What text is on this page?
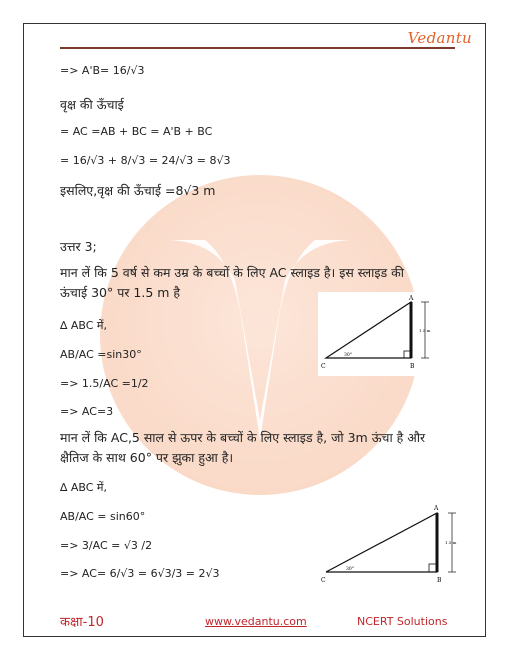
Vedantu
=> A'B= 16/√3
वृक्ष की ऊँचाई
= AC =AB + BC = A'B + BC
= 16/√3 + 8/√3 = 24/√3 = 8√3
इसलिए,वृक्ष की ऊँचाई =8√3 m
उत्तर 3;
मान लें कि 5 वर्ष से कम उम्र के बच्चों के लिए AC स्लाइड है। इस स्लाइड की
ऊंचाई 30° पर 1.5 m है
∆ ABC में,
AB/AC =sin30°
=> 1.5/AC =1/2
=> AC=3
मान लें कि AC,5 साल से ऊपर के बच्चों के लिए स्लाइड है, जो 3m ऊंचा है और
क्षैतिज के साथ 60° पर झुका हुआ है।
∆ ABC में,
AB/AC = sin60°
=> 3/AC = √3 /2
=> AC= 6/√3 = 6√3/3 = 2√3
A
B
C
30°
1.5 m
A
B
C
30°
1.5 m
कक्षा-10	www.vedantu.com	NCERT Solutions
